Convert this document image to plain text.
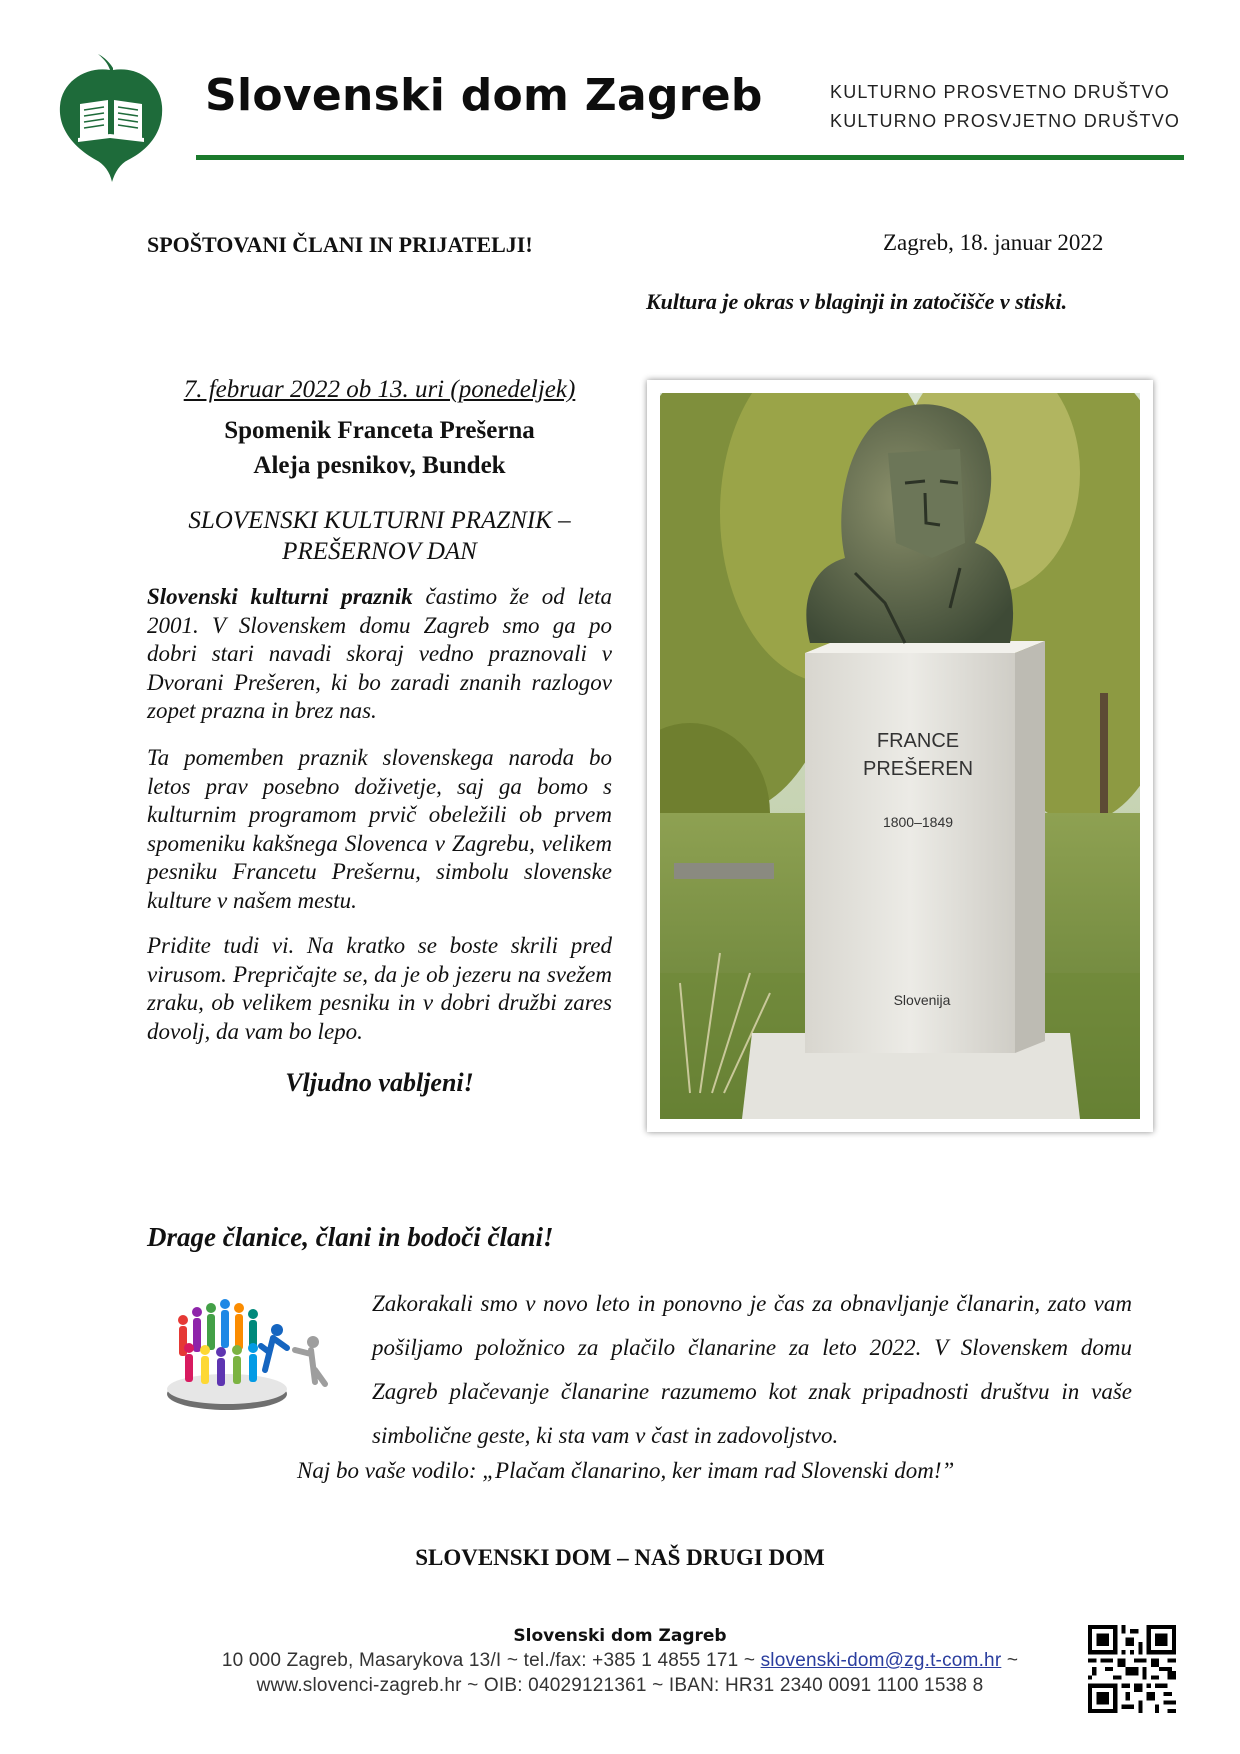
Slovenski dom Zagreb	KULTURNO PROSVETNO DRUŠTVO
KULTURNO PROSVJETNO DRUŠTVO
SPOŠTOVANI ČLANI IN PRIJATELJI!	Zagreb, 18. januar 2022
Kultura je okras v blaginji in zatočišče v stiski.
7. februar 2022 ob 13. uri (ponedeljek)
Spomenik Franceta Prešerna
Aleja pesnikov, Bundek
SLOVENSKI KULTURNI PRAZNIK –
PREŠERNOV DAN
Slovenski kulturni praznik častimo že od leta 2001. V Slovenskem domu Zagreb smo ga po dobri stari navadi skoraj vedno praznovali v Dvorani Prešeren, ki bo zaradi znanih razlogov zopet prazna in brez nas.
Ta pomemben praznik slovenskega naroda bo letos prav posebno doživetje, saj ga bomo s kulturnim programom prvič obeležili ob prvem spomeniku kakšnega Slovenca v Zagrebu, velikem pesniku Francetu Prešernu, simbolu slovenske kulture v našem mestu.
Pridite tudi vi. Na kratko se boste skrili pred virusom. Prepričajte se, da je ob jezeru na svežem zraku, ob velikem pesniku in v dobri družbi zares dovolj, da vam bo lepo.
Vljudno vabljeni!
FRANCE
PREŠEREN
1800–1849
Slovenija
Drage članice, člani in bodoči člani!
Zakorakali smo v novo leto in ponovno je čas za obnavljanje članarin, zato vam pošiljamo položnico za plačilo članarine za leto 2022. V Slovenskem domu Zagreb plačevanje članarine razumemo kot znak pripadnosti društvu in vaše simbolične geste, ki sta vam v čast in zadovoljstvo.
Naj bo vaše vodilo: „Plačam članarino, ker imam rad Slovenski dom!”
SLOVENSKI DOM – NAŠ DRUGI DOM
Slovenski dom Zagreb
10 000 Zagreb, Masarykova 13/I ~ tel./fax: +385 1 4855 171 ~ slovenski-dom@zg.t-com.hr ~
www.slovenci-zagreb.hr ~ OIB: 04029121361 ~ IBAN: HR31 2340 0091 1100 1538 8
